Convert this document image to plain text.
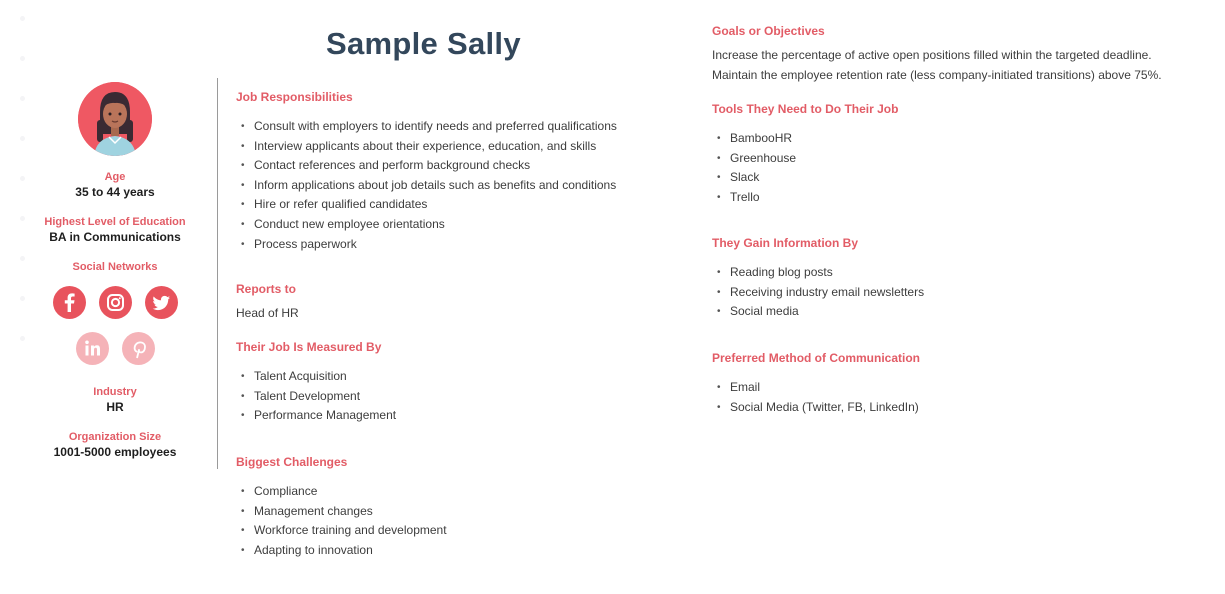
Sample Sally
Age
35 to 44 years
Highest Level of Education
BA in Communications
Social Networks
Industry
HR
Organization Size
1001-5000 employees
Job Responsibilities
• Consult with employers to identify needs and preferred qualifications
• Interview applicants about their experience, education, and skills
• Contact references and perform background checks
• Inform applications about job details such as benefits and conditions
• Hire or refer qualified candidates
• Conduct new employee orientations
• Process paperwork
Reports to

Head of HR

Their Job Is Measured By
• Talent Acquisition
• Talent Development
• Performance Management
Biggest Challenges
• Compliance
• Management changes
• Workforce training and development
• Adapting to innovation
Goals or Objectives

Increase the percentage of active open positions filled within the targeted deadline.

Maintain the employee retention rate (less company-initiated transitions) above 75%.

Tools They Need to Do Their Job
• BambooHR
• Greenhouse
• Slack
• Trello
They Gain Information By
• Reading blog posts
• Receiving industry email newsletters
• Social media
Preferred Method of Communication
• Email
• Social Media (Twitter, FB, LinkedIn)
